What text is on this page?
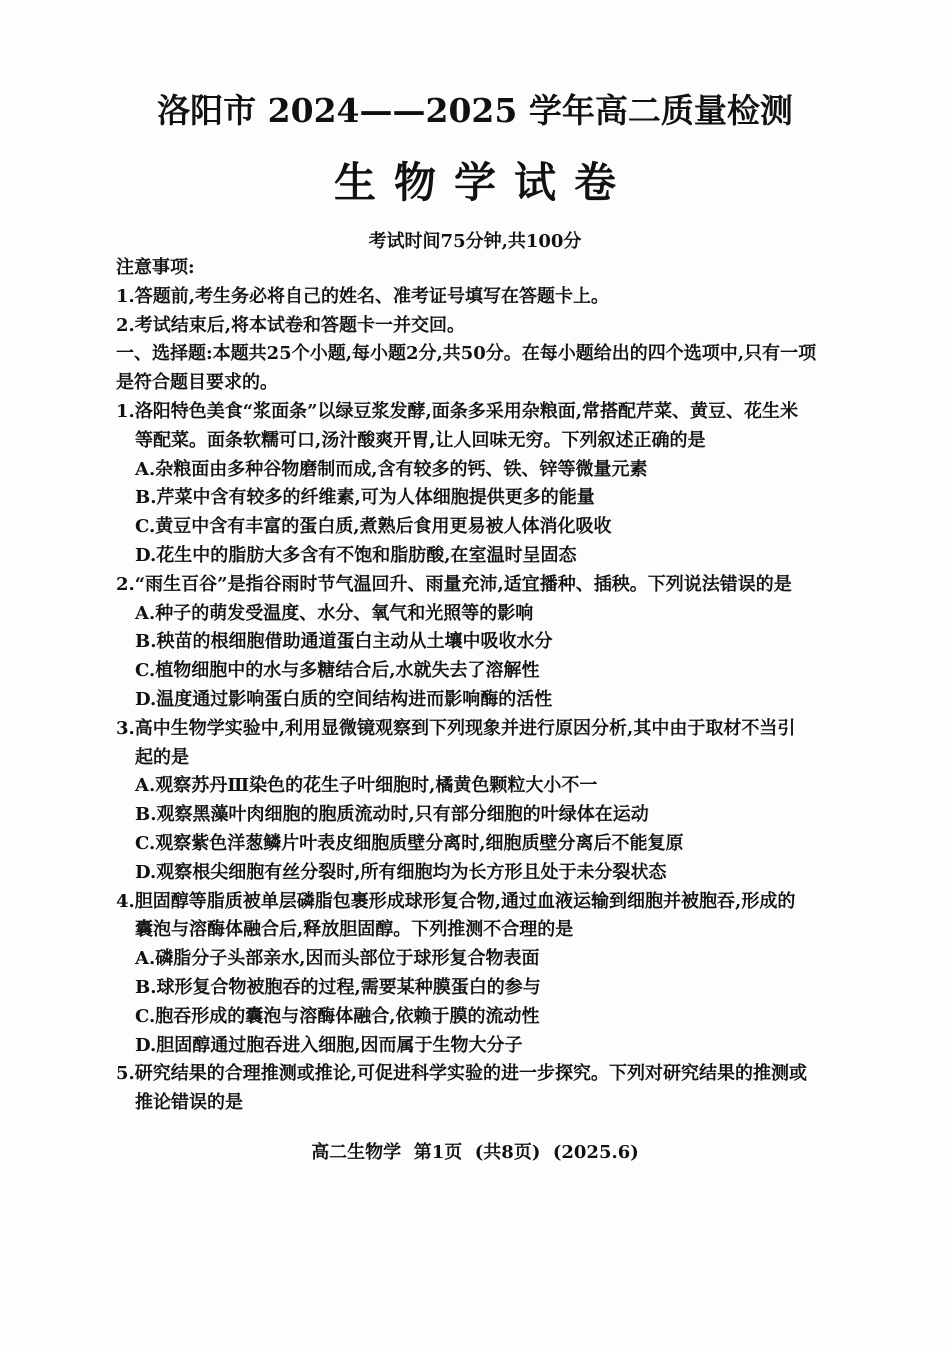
洛阳市 2024——2025 学年高二质量检测
生物学试卷
考试时间75分钟,共100分
注意事项:
1.答题前,考生务必将自己的姓名、准考证号填写在答题卡上。
2.考试结束后,将本试卷和答题卡一并交回。
一、选择题:本题共25个小题,每小题2分,共50分。在每小题给出的四个选项中,只有一项
是符合题目要求的。
1.洛阳特色美食“浆面条”以绿豆浆发酵,面条多采用杂粮面,常搭配芹菜、黄豆、花生米
等配菜。面条软糯可口,汤汁酸爽开胃,让人回味无穷。下列叙述正确的是
A.杂粮面由多种谷物磨制而成,含有较多的钙、铁、锌等微量元素
B.芹菜中含有较多的纤维素,可为人体细胞提供更多的能量
C.黄豆中含有丰富的蛋白质,煮熟后食用更易被人体消化吸收
D.花生中的脂肪大多含有不饱和脂肪酸,在室温时呈固态
2.“雨生百谷”是指谷雨时节气温回升、雨量充沛,适宜播种、插秧。下列说法错误的是
A.种子的萌发受温度、水分、氧气和光照等的影响
B.秧苗的根细胞借助通道蛋白主动从土壤中吸收水分
C.植物细胞中的水与多糖结合后,水就失去了溶解性
D.温度通过影响蛋白质的空间结构进而影响酶的活性
3.高中生物学实验中,利用显微镜观察到下列现象并进行原因分析,其中由于取材不当引
起的是
A.观察苏丹Ⅲ染色的花生子叶细胞时,橘黄色颗粒大小不一
B.观察黑藻叶肉细胞的胞质流动时,只有部分细胞的叶绿体在运动
C.观察紫色洋葱鳞片叶表皮细胞质壁分离时,细胞质壁分离后不能复原
D.观察根尖细胞有丝分裂时,所有细胞均为长方形且处于未分裂状态
4.胆固醇等脂质被单层磷脂包裹形成球形复合物,通过血液运输到细胞并被胞吞,形成的
囊泡与溶酶体融合后,释放胆固醇。下列推测不合理的是
A.磷脂分子头部亲水,因而头部位于球形复合物表面
B.球形复合物被胞吞的过程,需要某种膜蛋白的参与
C.胞吞形成的囊泡与溶酶体融合,依赖于膜的流动性
D.胆固醇通过胞吞进入细胞,因而属于生物大分子
5.研究结果的合理推测或推论,可促进科学实验的进一步探究。下列对研究结果的推测或
推论错误的是
高二生物学  第1页  (共8页)  (2025.6)
